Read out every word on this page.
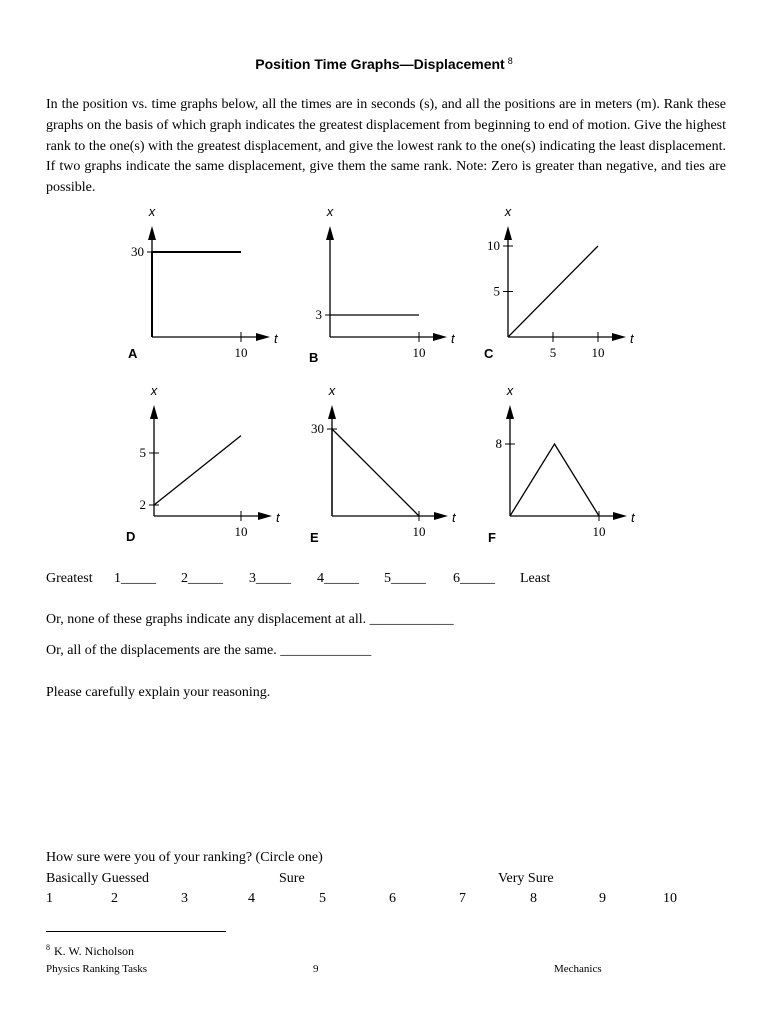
Position Time Graphs—Displacement $^8$
In the position vs. time graphs below, all the times are in seconds (s), and all the positions are in meters (m). Rank these graphs on the basis of which graph indicates the greatest displacement from beginning to end of motion. Give the highest rank to the one(s) with the greatest displacement, and give the lowest rank to the one(s) indicating the least displacement. If two graphs indicate the same displacement, give them the same rank. Note: Zero is greater than negative, and ties are possible.
x
t
10
30
A
x
t
10
3
B
x
t
5	10
5
10
C
x
t
10
2
5
D
x
t
10
30
E
x
t
10
8
F
Greatest 1_____ 2_____ 3_____ 4_____ 5_____ 6_____ Least
Or, none of these graphs indicate any displacement at all. ____________
Or, all of the displacements are the same. _____________
Please carefully explain your reasoning.
How sure were you of your ranking? (Circle one)
Basically Guessed	Sure	Very Sure
1	2	3	4	5	6	7	8	9	10
$^8$ K. W. Nicholson
Physics Ranking Tasks	9	Mechanics
